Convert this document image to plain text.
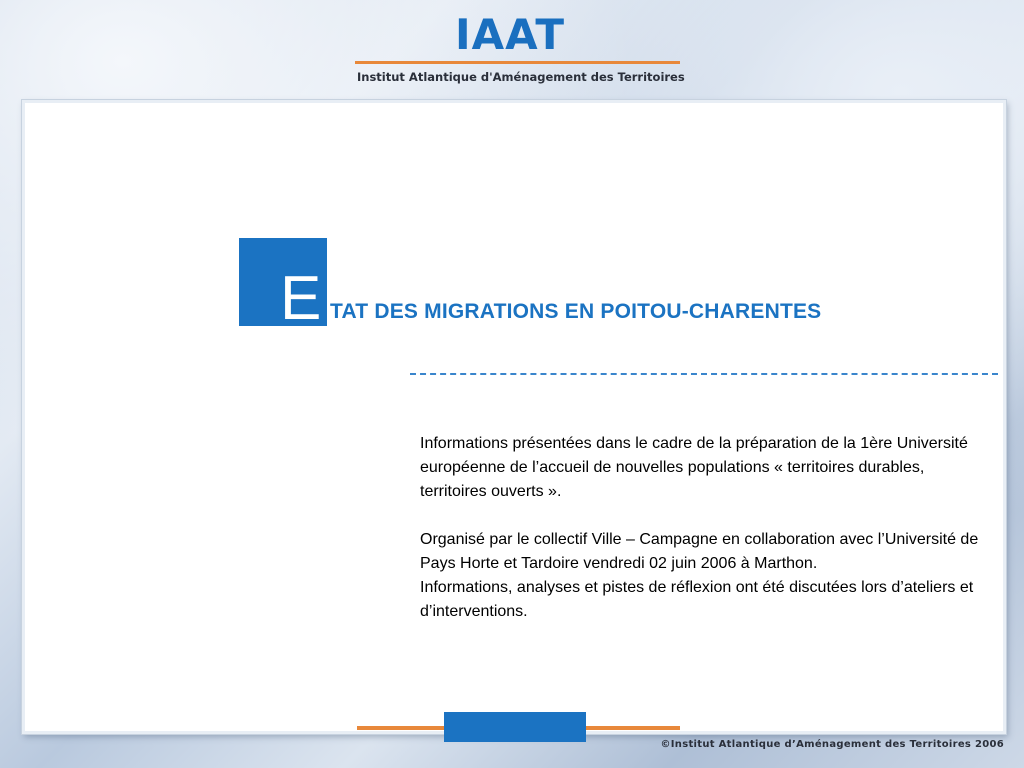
IAAT
Institut Atlantique d'Aménagement des Territoires
E TAT DES MIGRATIONS EN POITOU-CHARENTES

Informations présentées dans le cadre de la préparation de la 1ère Université européenne de l’accueil de nouvelles populations « territoires durables, territoires ouverts ».

Organisé par le collectif Ville – Campagne en collaboration avec l’Université de Pays Horte et Tardoire vendredi 02 juin 2006 à Marthon.

Informations, analyses et pistes de réflexion ont été discutées lors d’ateliers et d’interventions.

©Institut Atlantique d’Aménagement des Territoires 2006
